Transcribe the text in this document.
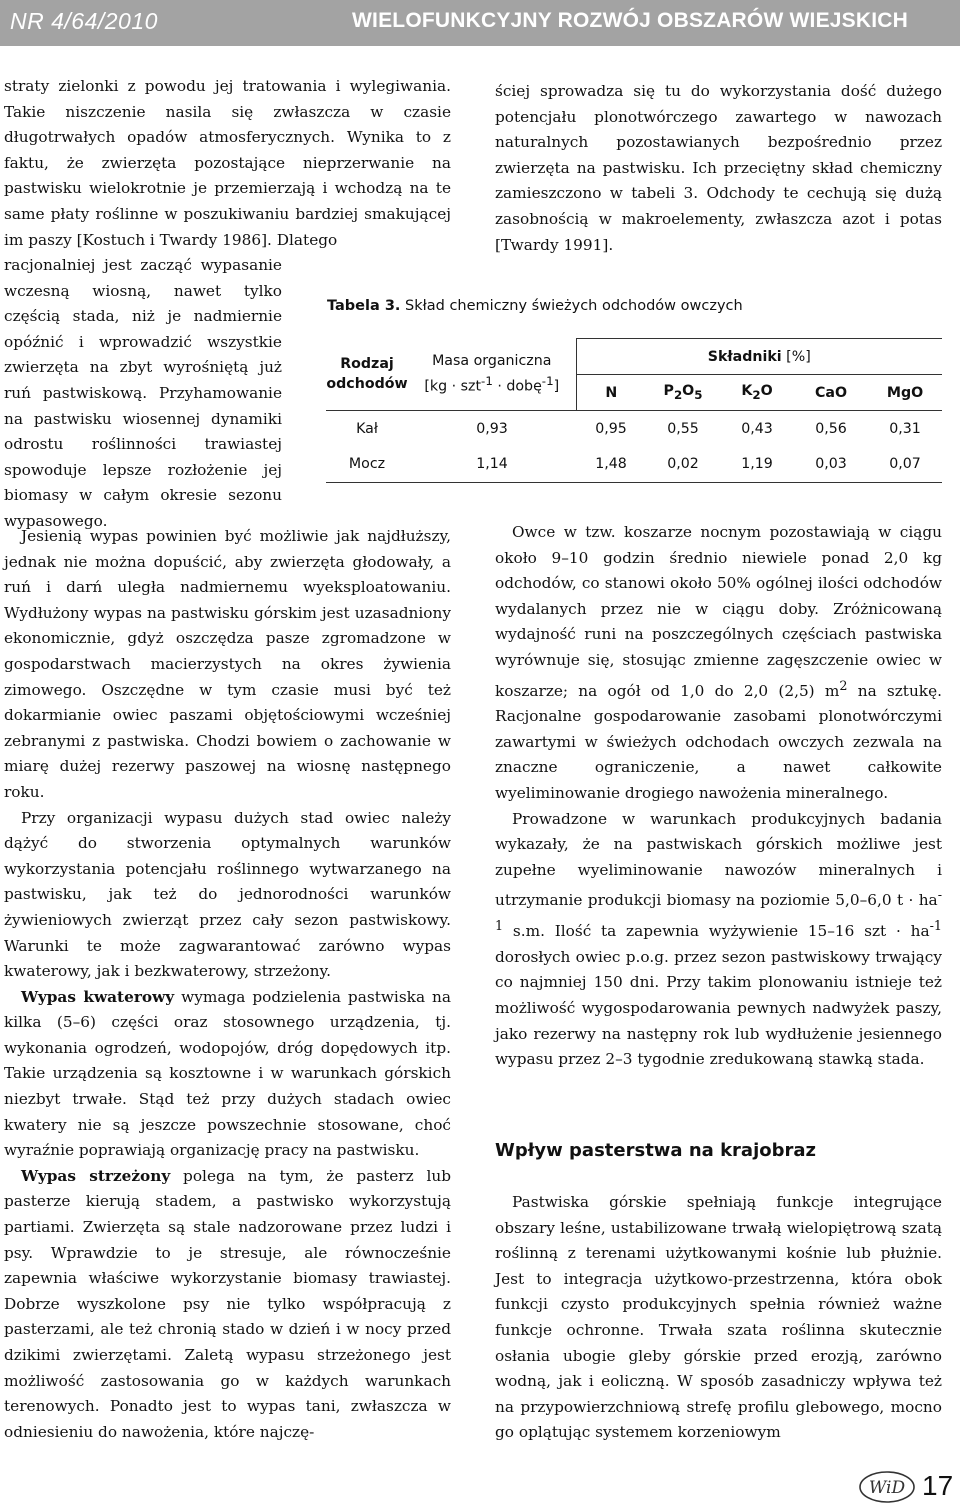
NR 4/64/2010	WIELOFUNKCYJNY ROZWÓJ OBSZARÓW WIEJSKICH

straty zielonki z powodu jej tratowania i wylegiwania. Takie niszczenie nasila się zwłaszcza w czasie długotrwałych opadów atmosferycznych. Wynika to z faktu, że zwierzęta pozostające nieprzerwanie na pastwisku wielokrotnie je przemierzają i wchodzą na te same płaty roślinne w poszukiwaniu bardziej smakującej im paszy [Kostuch i Twardy 1986]. Dlatego

racjonalniej jest zacząć wypasanie wczesną wiosną, nawet tylko częścią stada, niż je nadmiernie opóźnić i wprowadzić wszystkie zwierzęta na zbyt wyrośniętą już ruń pastwiskową. Przyhamowanie na pastwisku wiosennej dynamiki odrostu roślinności trawiastej spowoduje lepsze rozłożenie jej biomasy w całym okresie sezonu wypasowego.

Jesienią wypas powinien być możliwie jak najdłuższy, jednak nie można dopuścić, aby zwierzęta głodowały, a ruń i darń uległa nadmiernemu wyeksploatowaniu. Wydłużony wypas na pastwisku górskim jest uzasadniony ekonomicznie, gdyż oszczędza pasze zgromadzone w gospodarstwach macierzystych na okres żywienia zimowego. Oszczędne w tym czasie musi być też dokarmianie owiec paszami objętościowymi wcześniej zebranymi z pastwiska. Chodzi bowiem o zachowanie w miarę dużej rezerwy paszowej na wiosnę następnego roku.

Przy organizacji wypasu dużych stad owiec należy dążyć do stworzenia optymalnych warunków wykorzystania potencjału roślinnego wytwarzanego na pastwisku, jak też do jednorodności warunków żywieniowych zwierząt przez cały sezon pastwiskowy. Warunki te może zagwarantować zarówno wypas kwaterowy, jak i bezkwaterowy, strzeżony.

Wypas kwaterowy wymaga podzielenia pastwiska na kilka (5–6) części oraz stosownego urządzenia, tj. wykonania ogrodzeń, wodopojów, dróg dopędowych itp. Takie urządzenia są kosztowne i w warunkach górskich niezbyt trwałe. Stąd też przy dużych stadach owiec kwatery nie są jeszcze powszechnie stosowane, choć wyraźnie poprawiają organizację pracy na pastwisku.

Wypas strzeżony polega na tym, że pasterz lub pasterze kierują stadem, a pastwisko wykorzystują partiami. Zwierzęta są stale nadzorowane przez ludzi i psy. Wprawdzie to je stresuje, ale równocześnie zapewnia właściwe wykorzystanie biomasy trawiastej. Dobrze wyszkolone psy nie tylko współpracują z pasterzami, ale też chronią stado w dzień i w nocy przed dzikimi zwierzętami. Zaletą wypasu strzeżonego jest możliwość zastosowania go w każdych warunkach terenowych. Ponadto jest to wypas tani, zwłaszcza w odniesieniu do nawożenia, które najczę-

ściej sprowadza się tu do wykorzystania dość dużego potencjału plonotwórczego zawartego w nawozach naturalnych pozostawianych bezpośrednio przez zwierzęta na pastwisku. Ich przeciętny skład chemiczny zamieszczono w tabeli 3. Odchody te cechują się dużą zasobnością w makroelementy, zwłaszcza azot i potas [Twardy 1991].

Tabela 3. Skład chemiczny świeżych odchodów owczych
Rodzaj
odchodów	Masa organiczna
[kg · szt$^{-1}$ · dobę$^{-1}$]	Składniki [%]				
		N	$P_2O_5$	$K_2O$	CaO	MgO
Kał	0,93	0,95	0,55	0,43	0,56	0,31
Mocz	1,14	1,48	0,02	1,19	0,03	0,07

Owce w tzw. koszarze nocnym pozostawiają w ciągu około 9–10 godzin średnio niewiele ponad 2,0 kg odchodów, co stanowi około 50% ogólnej ilości odchodów wydalanych przez nie w ciągu doby. Zróżnicowaną wydajność runi na poszczególnych częściach pastwiska wyrównuje się, stosując zmienne zagęszczenie owiec w koszarze; na ogół od 1,0 do 2,0 (2,5) $m^2$ na sztukę. Racjonalne gospodarowanie zasobami plonotwórczymi zawartymi w świeżych odchodach owczych zezwala na znaczne ograniczenie, a nawet całkowite wyeliminowanie drogiego nawożenia mineralnego.

Prowadzone w warunkach produkcyjnych badania wykazały, że na pastwiskach górskich możliwe jest zupełne wyeliminowanie nawozów mineralnych i utrzymanie produkcji biomasy na poziomie 5,0–6,0 $t \cdot ha^{-1}$ s.m. Ilość ta zapewnia wyżywienie 15–16 szt · $ha^{-1}$ dorosłych owiec p.o.g. przez sezon pastwiskowy trwający co najmniej 150 dni. Przy takim plonowaniu istnieje też możliwość wygospodarowania pewnych nadwyżek paszy, jako rezerwy na następny rok lub wydłużenie jesiennego wypasu przez 2–3 tygodnie zredukowaną stawką stada.

Wpływ pasterstwa na krajobraz

Pastwiska górskie spełniają funkcje integrujące obszary leśne, ustabilizowane trwałą wielopiętrową szatą roślinną z terenami użytkowanymi kośnie lub płużnie. Jest to integracja użytkowo-przestrzenna, która obok funkcji czysto produkcyjnych spełnia również ważne funkcje ochronne. Trwała szata roślinna skutecznie osłania ubogie gleby górskie przed erozją, zarówno wodną, jak i eoliczną. W sposób zasadniczy wpływa też na przypowierzchniową strefę profilu glebowego, mocno go oplątując systemem korzeniowym

WiD 17
